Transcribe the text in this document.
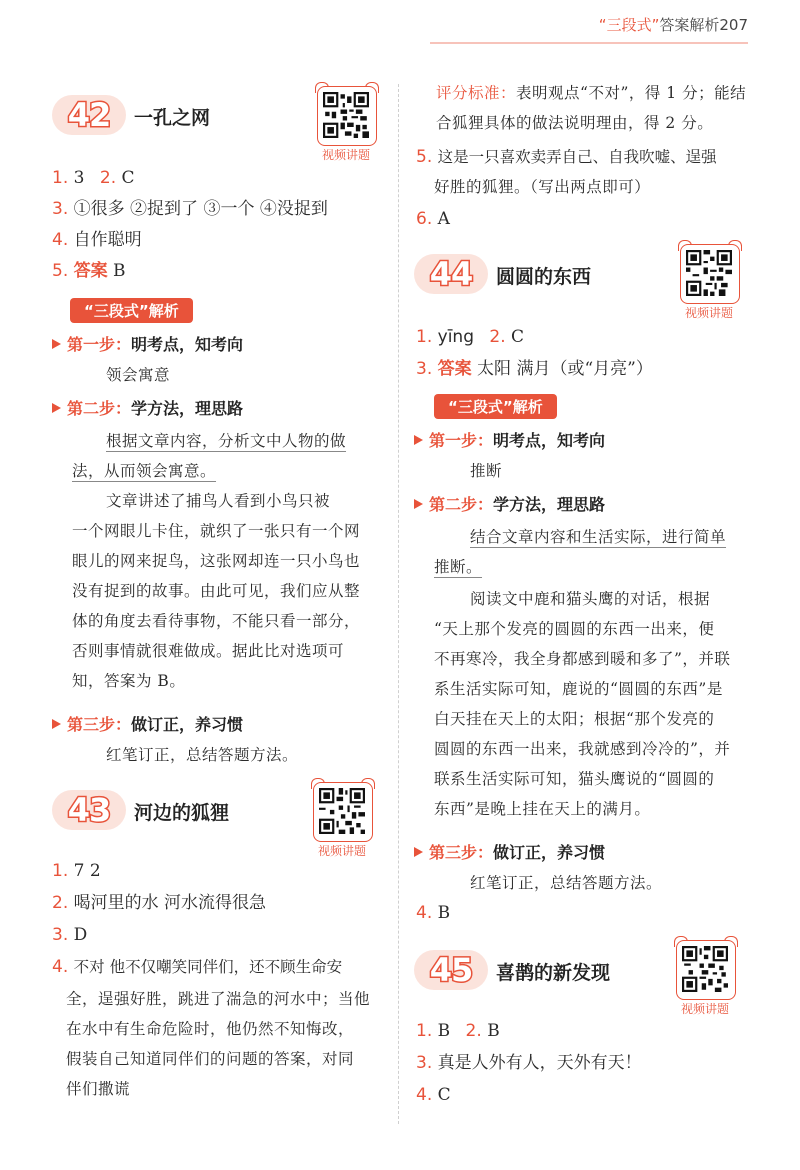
“三段式”答案解析207
42 一孔之网
视频讲题
1. 3 2. C
3. ①很多 ②捉到了 ③一个 ④没捉到
4. 自作聪明
5. 答案 B
“三段式”解析
第一步：明考点，知考向
领会寓意
第二步：学方法，理思路
根据文章内容，分析文中人物的做
法，从而领会寓意。
文章讲述了捕鸟人看到小鸟只被
一个网眼儿卡住，就织了一张只有一个网
眼儿的网来捉鸟，这张网却连一只小鸟也
没有捉到的故事。由此可见，我们应从整
体的角度去看待事物，不能只看一部分，
否则事情就很难做成。据此比对选项可
知，答案为 B。
第三步：做订正，养习惯
红笔订正，总结答题方法。
43 河边的狐狸
视频讲题
1. 7 2
2. 喝河里的水 河水流得很急
3. D
4. 不对 他不仅嘲笑同伴们，还不顾生命安
全，逞强好胜，跳进了湍急的河水中；当他
在水中有生命危险时，他仍然不知悔改，
假装自己知道同伴们的问题的答案，对同
伴们撒谎
评分标准：表明观点“不对”，得 1 分；能结
合狐狸具体的做法说明理由，得 2 分。
5. 这是一只喜欢卖弄自己、自我吹嘘、逞强
好胜的狐狸。（写出两点即可）
6. A
44 圆圆的东西
视频讲题
1. yīng 2. C
3. 答案 太阳 满月（或“月亮”）
“三段式”解析
第一步：明考点，知考向
推断
第二步：学方法，理思路
结合文章内容和生活实际，进行简单
推断。
阅读文中鹿和猫头鹰的对话，根据
“天上那个发亮的圆圆的东西一出来，便
不再寒冷，我全身都感到暖和多了”，并联
系生活实际可知，鹿说的“圆圆的东西”是
白天挂在天上的太阳；根据“那个发亮的
圆圆的东西一出来，我就感到冷冷的”，并
联系生活实际可知，猫头鹰说的“圆圆的
东西”是晚上挂在天上的满月。
第三步：做订正，养习惯
红笔订正，总结答题方法。
4. B
45 喜鹊的新发现
视频讲题
1. B 2. B
3. 真是人外有人，天外有天！
4. C
